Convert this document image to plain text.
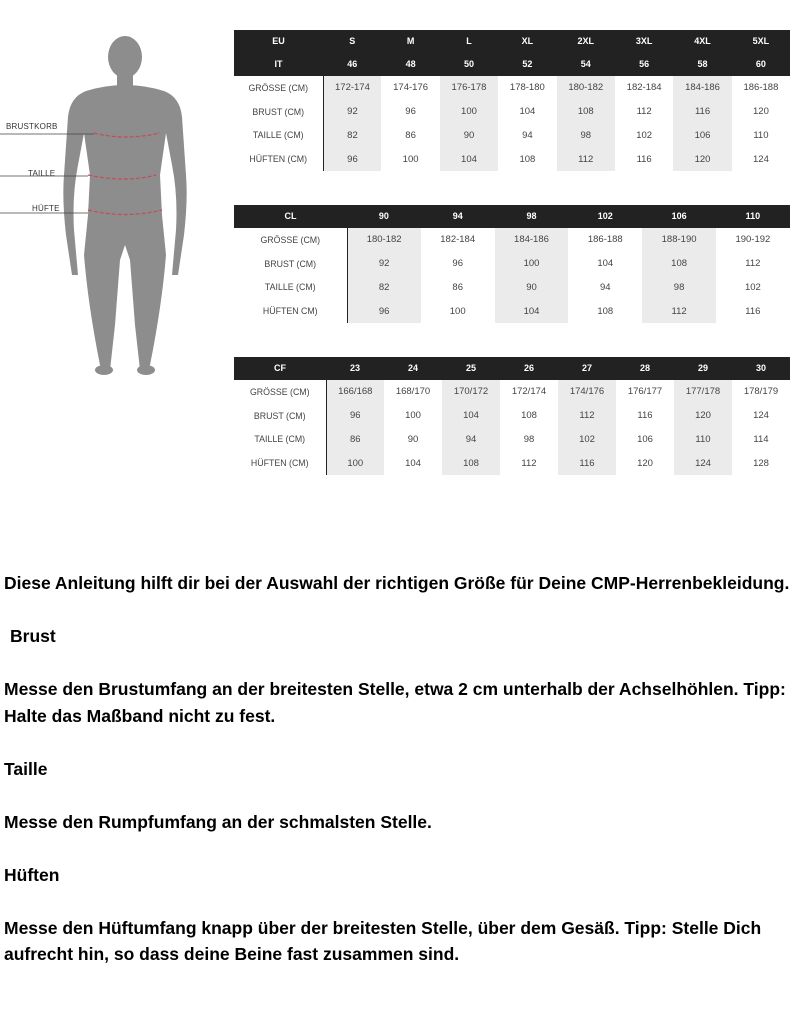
BRUSTKORB
TAILLE
HÜFTE
EU	S	M	L	XL	2XL	3XL	4XL	5XL
IT	46	48	50	52	54	56	58	60
GRÖSSE (CM)	172-174	174-176	176-178	178-180	180-182	182-184	184-186	186-188
BRUST (CM)	92	96	100	104	108	112	116	120
TAILLE (CM)	82	86	90	94	98	102	106	110
HÜFTEN (CM)	96	100	104	108	112	116	120	124
CL	90	94	98	102	106	110
GRÖSSE (CM)	180-182	182-184	184-186	186-188	188-190	190-192
BRUST (CM)	92	96	100	104	108	112
TAILLE (CM)	82	86	90	94	98	102
HÜFTEN CM)	96	100	104	108	112	116
CF	23	24	25	26	27	28	29	30
GRÖSSE (CM)	166/168	168/170	170/172	172/174	174/176	176/177	177/178	178/179
BRUST (CM)	96	100	104	108	112	116	120	124
TAILLE (CM)	86	90	94	98	102	106	110	114
HÜFTEN (CM)	100	104	108	112	116	120	124	128

Diese Anleitung hilft dir bei der Auswahl der richtigen Größe für Deine CMP-Herrenbekleidung.

Brust

Messe den Brustumfang an der breitesten Stelle, etwa 2 cm unterhalb der Achselhöhlen. Tipp: Halte das Maßband nicht zu fest.

Taille

Messe den Rumpfumfang an der schmalsten Stelle.

Hüften

Messe den Hüftumfang knapp über der breitesten Stelle, über dem Gesäß. Tipp: Stelle Dich aufrecht hin, so dass deine Beine fast zusammen sind.
